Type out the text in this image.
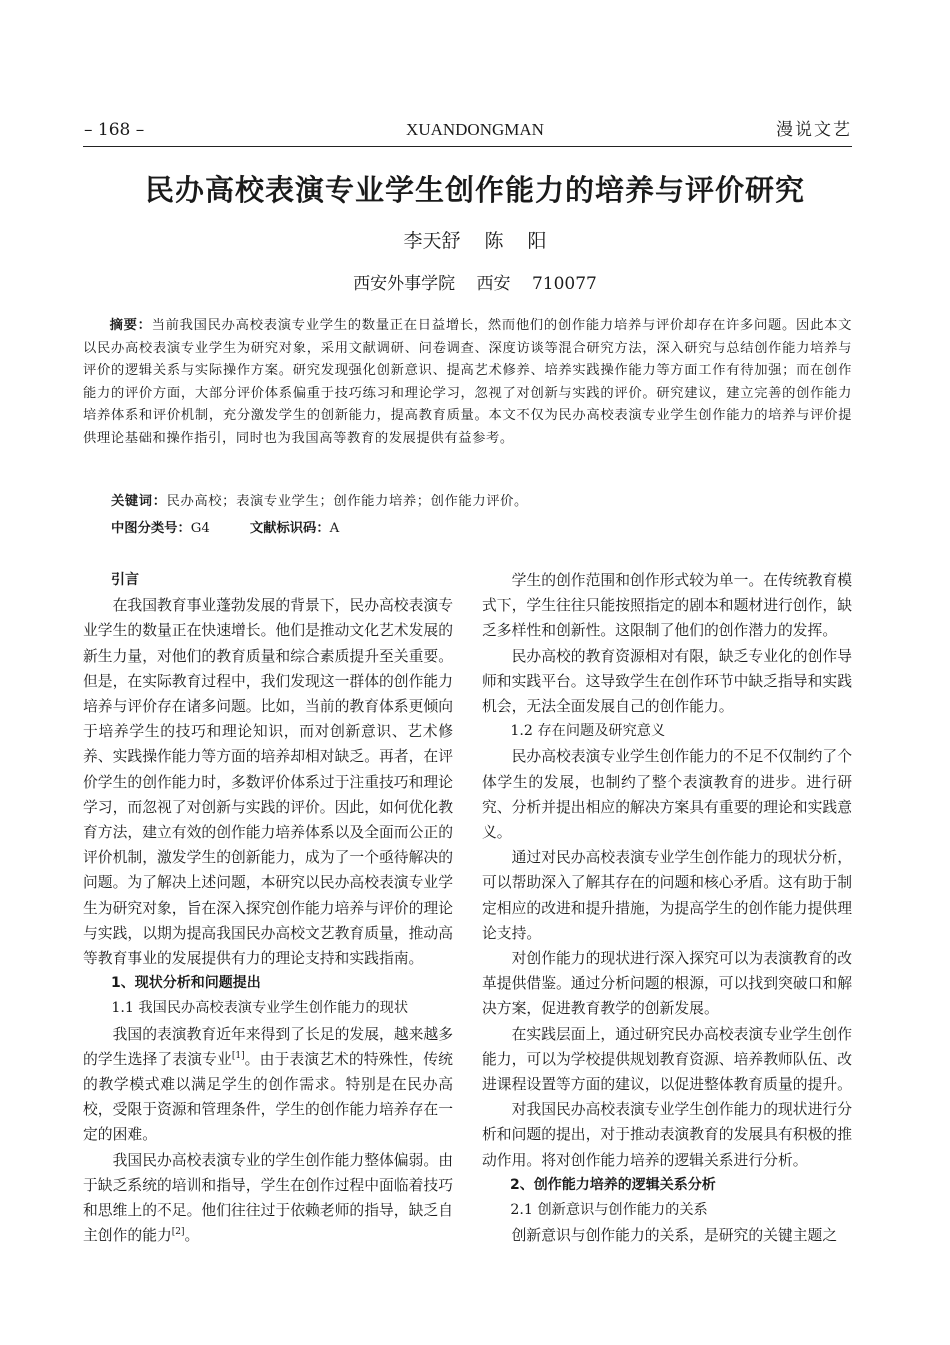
– 168 –	XUANDONGMAN	漫说文艺
民办高校表演专业学生创作能力的培养与评价研究
李天舒 陈 阳
西安外事学院 西安 710077
摘要：当前我国民办高校表演专业学生的数量正在日益增长，然而他们的创作能力培养与评价却存在许多问题。因此本文以民办高校表演专业学生为研究对象，采用文献调研、问卷调查、深度访谈等混合研究方法，深入研究与总结创作能力培养与评价的逻辑关系与实际操作方案。研究发现强化创新意识、提高艺术修养、培养实践操作能力等方面工作有待加强；而在创作能力的评价方面，大部分评价体系偏重于技巧练习和理论学习，忽视了对创新与实践的评价。研究建议，建立完善的创作能力培养体系和评价机制，充分激发学生的创新能力，提高教育质量。本文不仅为民办高校表演专业学生创作能力的培养与评价提供理论基础和操作指引，同时也为我国高等教育的发展提供有益参考。
关键词：民办高校；表演专业学生；创作能力培养；创作能力评价。
中图分类号：G4	文献标识码：A

引言

在我国教育事业蓬勃发展的背景下，民办高校表演专业学生的数量正在快速增长。他们是推动文化艺术发展的新生力量，对他们的教育质量和综合素质提升至关重要。但是，在实际教育过程中，我们发现这一群体的创作能力培养与评价存在诸多问题。比如，当前的教育体系更倾向于培养学生的技巧和理论知识，而对创新意识、艺术修养、实践操作能力等方面的培养却相对缺乏。再者，在评价学生的创作能力时，多数评价体系过于注重技巧和理论学习，而忽视了对创新与实践的评价。因此，如何优化教育方法，建立有效的创作能力培养体系以及全面而公正的评价机制，激发学生的创新能力，成为了一个亟待解决的问题。为了解决上述问题，本研究以民办高校表演专业学生为研究对象，旨在深入探究创作能力培养与评价的理论与实践，以期为提高我国民办高校文艺教育质量，推动高等教育事业的发展提供有力的理论支持和实践指南。

1、现状分析和问题提出

1.1 我国民办高校表演专业学生创作能力的现状

我国的表演教育近年来得到了长足的发展，越来越多的学生选择了表演专业[1]。由于表演艺术的特殊性，传统的教学模式难以满足学生的创作需求。特别是在民办高校，受限于资源和管理条件，学生的创作能力培养存在一定的困难。

我国民办高校表演专业的学生创作能力整体偏弱。由于缺乏系统的培训和指导，学生在创作过程中面临着技巧和思维上的不足。他们往往过于依赖老师的指导，缺乏自主创作的能力[2]。

学生的创作范围和创作形式较为单一。在传统教育模式下，学生往往只能按照指定的剧本和题材进行创作，缺乏多样性和创新性。这限制了他们的创作潜力的发挥。

民办高校的教育资源相对有限，缺乏专业化的创作导师和实践平台。这导致学生在创作环节中缺乏指导和实践机会，无法全面发展自己的创作能力。

1.2 存在问题及研究意义

民办高校表演专业学生创作能力的不足不仅制约了个体学生的发展，也制约了整个表演教育的进步。进行研究、分析并提出相应的解决方案具有重要的理论和实践意义。

通过对民办高校表演专业学生创作能力的现状分析，可以帮助深入了解其存在的问题和核心矛盾。这有助于制定相应的改进和提升措施，为提高学生的创作能力提供理论支持。

对创作能力的现状进行深入探究可以为表演教育的改革提供借鉴。通过分析问题的根源，可以找到突破口和解决方案，促进教育教学的创新发展。

在实践层面上，通过研究民办高校表演专业学生创作能力，可以为学校提供规划教育资源、培养教师队伍、改进课程设置等方面的建议，以促进整体教育质量的提升。

对我国民办高校表演专业学生创作能力的现状进行分析和问题的提出，对于推动表演教育的发展具有积极的推动作用。将对创作能力培养的逻辑关系进行分析。

2、创作能力培养的逻辑关系分析

2.1 创新意识与创作能力的关系

创新意识与创作能力的关系，是研究的关键主题之
